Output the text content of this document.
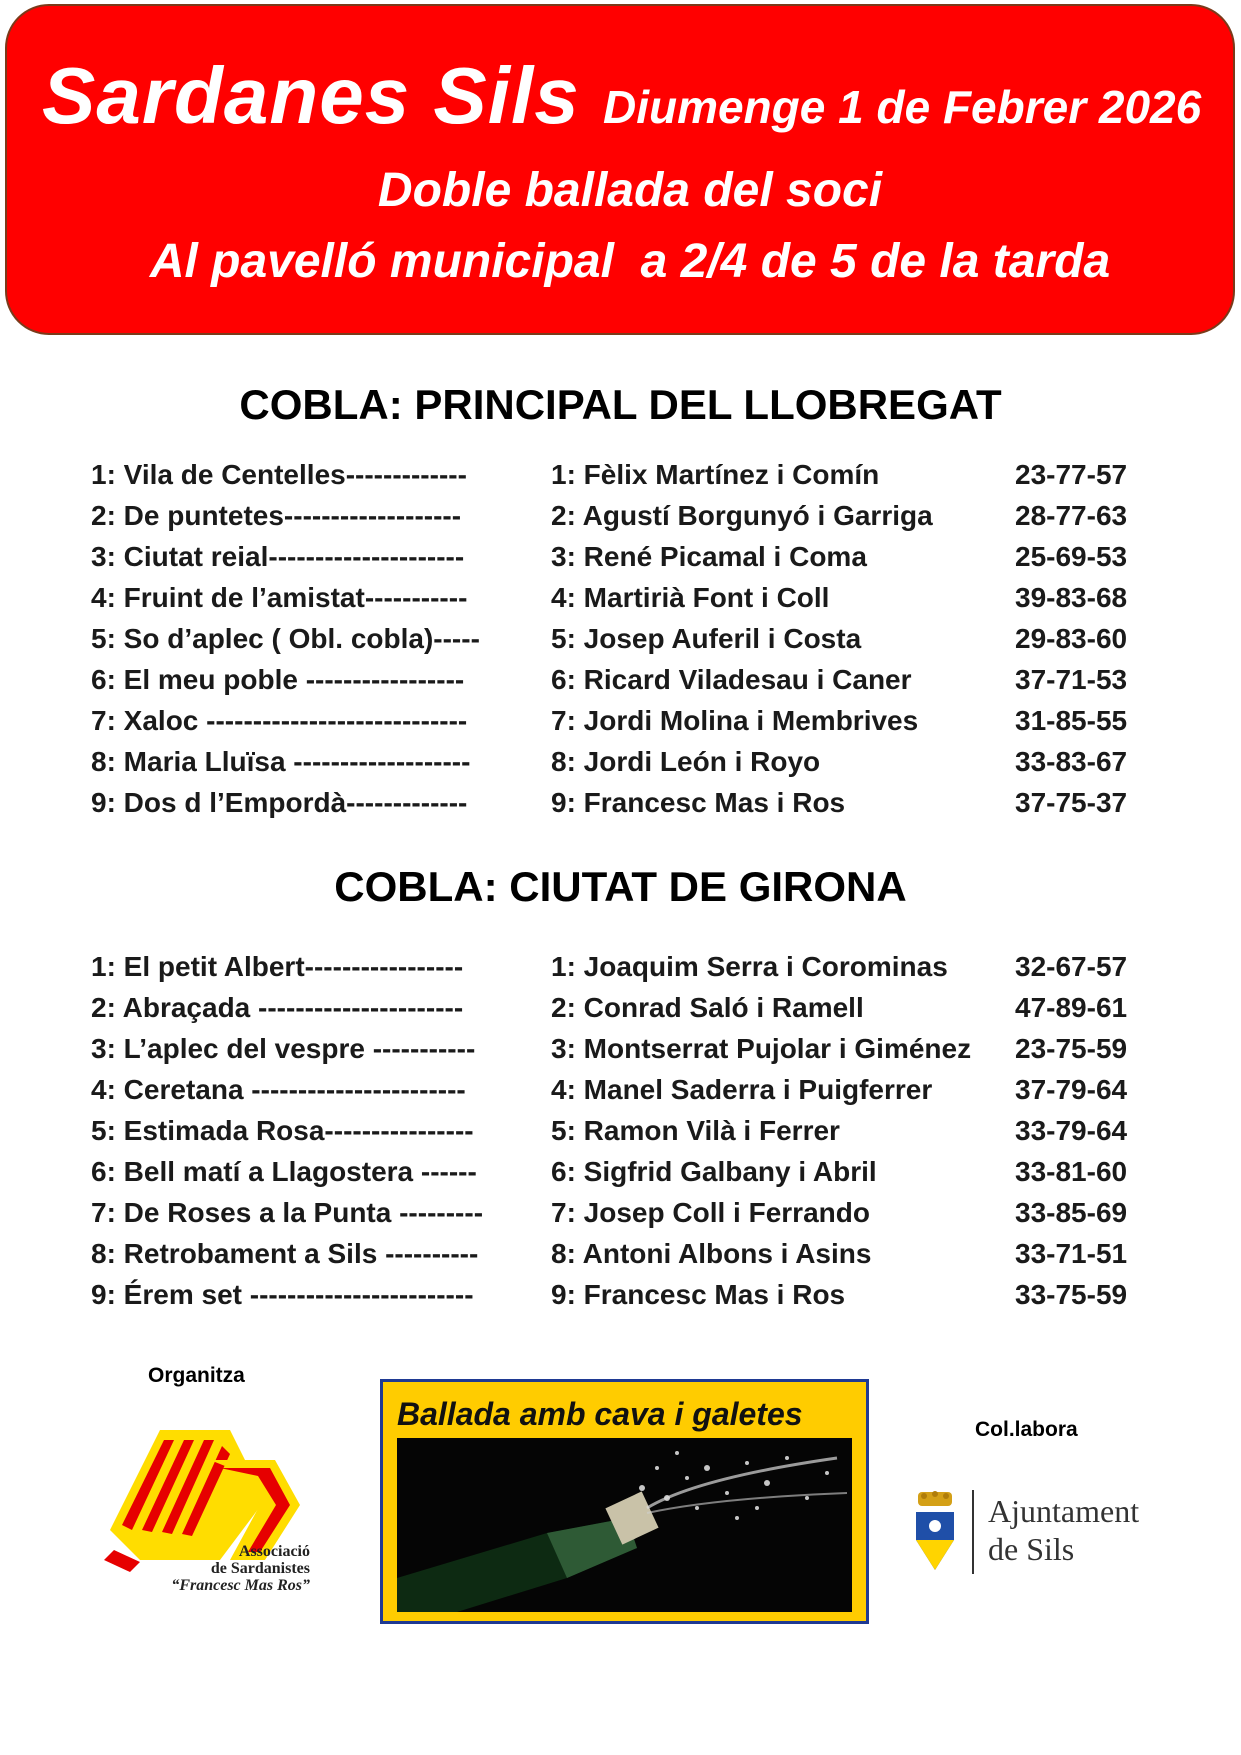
Sardanes Sils Diumenge 1 de Febrer 2026
Doble ballada del soci
Al pavelló municipal  a 2/4 de 5 de la tarda
COBLA: PRINCIPAL DEL LLOBREGAT
1: Vila de Centelles-------------	1: Fèlix Martínez i Comín	23-77-57
2: De puntetes-------------------	2: Agustí Borgunyó i Garriga	28-77-63
3: Ciutat reial---------------------	3: René Picamal i Coma	25-69-53
4: Fruint de l’amistat-----------	4: Martirià Font i Coll	39-83-68
5: So d’aplec ( Obl. cobla)-----	5: Josep Auferil i Costa	29-83-60
6: El meu poble -----------------	6: Ricard Viladesau i Caner	37-71-53
7: Xaloc ----------------------------	7: Jordi Molina i Membrives	31-85-55
8: Maria Lluïsa -------------------	8: Jordi León i Royo	33-83-67
9: Dos d l’Empordà-------------	9: Francesc Mas i Ros	37-75-37
COBLA: CIUTAT DE GIRONA
1: El petit Albert-----------------	1: Joaquim Serra i Corominas 32-67-57
2: Abraçada ----------------------	2: Conrad Saló i Ramell	47-89-61
3: L’aplec del vespre -----------	3: Montserrat Pujolar i Giménez 23-75-59
4: Ceretana -----------------------	4: Manel Saderra i Puigferrer	37-79-64
5: Estimada Rosa----------------	5: Ramon Vilà i Ferrer	33-79-64
6: Bell matí a Llagostera ------	6: Sigfrid Galbany i Abril	33-81-60
7: De Roses a la Punta ---------	7: Josep Coll i Ferrando	33-85-69
8: Retrobament a Sils ----------	8: Antoni Albons i Asins	33-71-51
9: Érem set ------------------------	9: Francesc Mas i Ros	33-75-59
Organitza
Associació
de Sardanistes
“Francesc Mas Ros”
Ballada amb cava i galetes	Col.labora
Ajuntament
de Sils
